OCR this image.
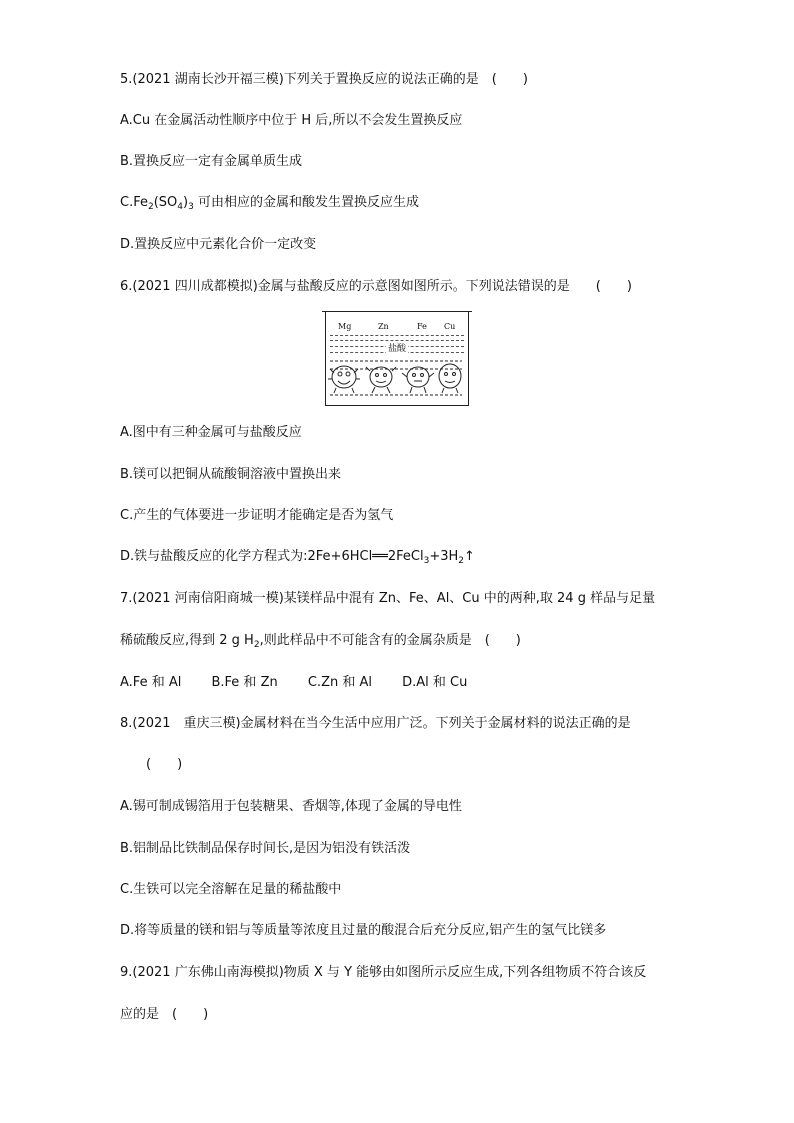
5.(2021 湖南长沙开福三模)下列关于置换反应的说法正确的是　(　　)
A.Cu 在金属活动性顺序中位于 H 后,所以不会发生置换反应
B.置换反应一定有金属单质生成
$C.Fe_2(SO_4)_3$ 可由相应的金属和酸发生置换反应生成
D.置换反应中元素化合价一定改变
6.(2021 四川成都模拟)金属与盐酸反应的示意图如图所示。下列说法错误的是　　(　　)
Mg	Zn	Fe Cu
盐酸
A.图中有三种金属可与盐酸反应
B.镁可以把铜从硫酸铜溶液中置换出来
C.产生的气体要进一步证明才能确定是否为氢气
D.铁与盐酸反应的化学方程式为$:2Fe+6HCl══2FeCl_3+3H_2↑$
7.(2021 河南信阳商城一模)某镁样品中混有 Zn、Fe、Al、Cu 中的两种,取 24 g 样品与足量
稀硫酸反应,得到 2 g $H_2$,则此样品中不可能含有的金属杂质是　(　　)
A.Fe 和 Al B.Fe 和 Zn C.Zn 和 Al D.Al 和 Cu
8.(2021　重庆三模)金属材料在当今生活中应用广泛。下列关于金属材料的说法正确的是
(　　)
A.锡可制成锡箔用于包装糖果、香烟等,体现了金属的导电性
B.铝制品比铁制品保存时间长,是因为铝没有铁活泼
C.生铁可以完全溶解在足量的稀盐酸中
D.将等质量的镁和铝与等质量等浓度且过量的酸混合后充分反应,铝产生的氢气比镁多
9.(2021 广东佛山南海模拟)物质 X 与 Y 能够由如图所示反应生成,下列各组物质不符合该反
应的是　(　　)
